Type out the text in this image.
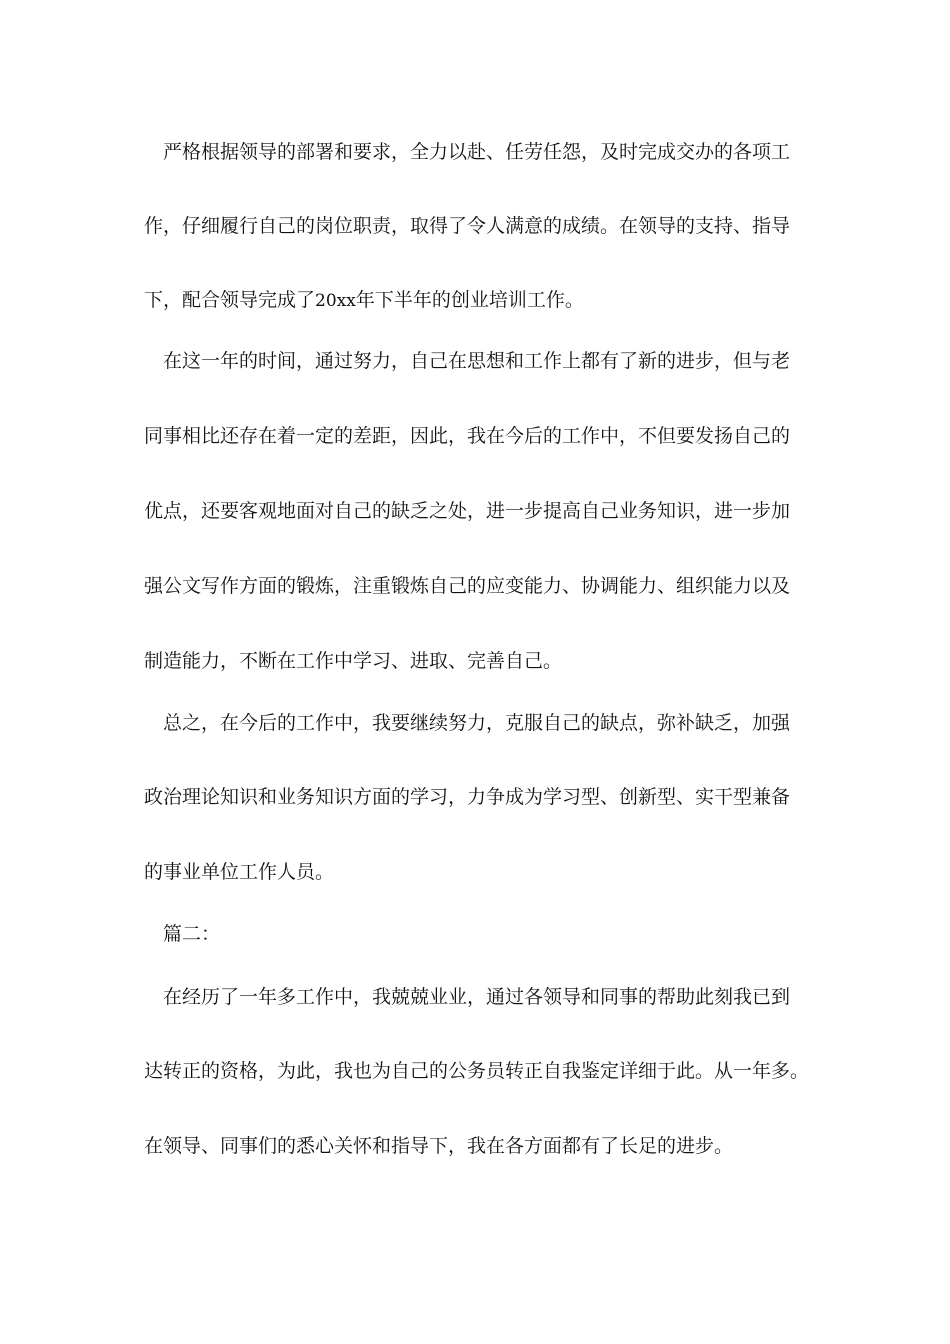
严格根据领导的部署和要求，全力以赴、任劳任怨，及时完成交办的各项工
作，仔细履行自己的岗位职责，取得了令人满意的成绩。在领导的支持、指导
下，配合领导完成了20xx年下半年的创业培训工作。
在这一年的时间，通过努力，自己在思想和工作上都有了新的进步，但与老
同事相比还存在着一定的差距，因此，我在今后的工作中，不但要发扬自己的
优点，还要客观地面对自己的缺乏之处，进一步提高自己业务知识，进一步加
强公文写作方面的锻炼，注重锻炼自己的应变能力、协调能力、组织能力以及
制造能力，不断在工作中学习、进取、完善自己。
总之，在今后的工作中，我要继续努力，克服自己的缺点，弥补缺乏，加强
政治理论知识和业务知识方面的学习，力争成为学习型、创新型、实干型兼备
的事业单位工作人员。
篇二：
在经历了一年多工作中，我兢兢业业，通过各领导和同事的帮助此刻我已到
达转正的资格，为此，我也为自己的公务员转正自我鉴定详细于此。从一年多。
在领导、同事们的悉心关怀和指导下，我在各方面都有了长足的进步。
